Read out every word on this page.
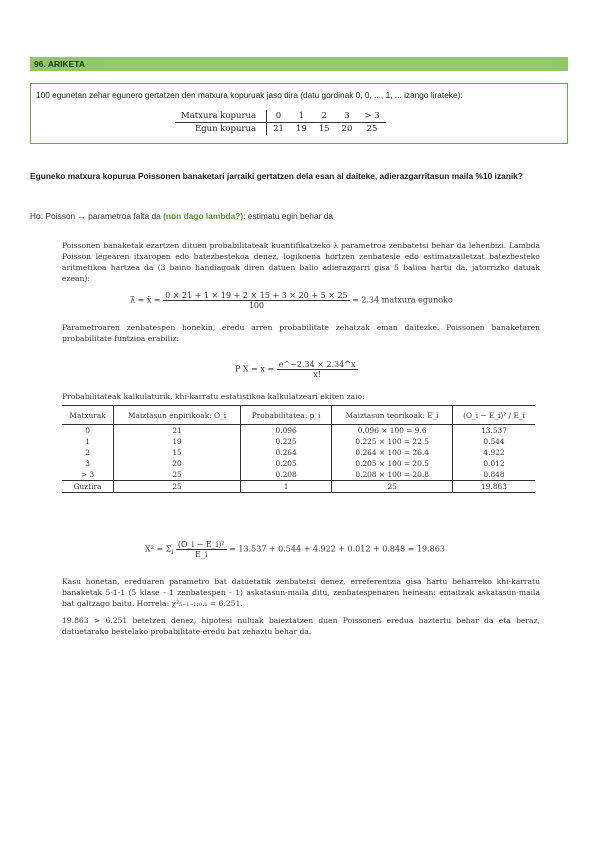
96. ARIKETA
100 egunetan zehar egunero gertatzen den matxura kopuruak jaso dira (datu gordinak 0, 0, ..., 1, ... izango lirateke):
Matxura kopurua	0	1	2	3	> 3
Egun kopurua	21	19	15	20	25
Eguneko matxura kopurua Poissonen banaketari jarraiki gertatzen dela esan al daiteke, adierazgarritasun maila %10 izanik?
Ho: Poisson → parametroa falta da (non dago lambda?): estimatu egin behar da
Poissonen banaketak ezartzen dituen probabilitateak kuantifikatzeko λ parametroa zenbatetsi behar da lehenbizi. Lambda Poisson legearen itxaropen edo batezbestekoa denez, logikoena hortzen zenbatesle edo estimatzailetzat batezbesteko aritmetikoa hartzea da (3 baino handiagoak diren datuen balio adierazgarri gisa 5 balioa hartu da, jatorrizko datuak ezean):
λ̂ = x̄ = $\frac{0 \times 21 + 1 \times 19 + 2 \times 15 + 3 \times 20 + 5 \times 25}{100} = 2.34$ matxura egunoko
Parametroaren zenbatespen honekin, eredu arren probabilitate zehatzak eman daitezke. Poissonen banaketaren probabilitate funtzioa erabiliz:
P $X = x = \frac{e\^{}-2.34 \times 2.34\^{}x}{x!}$
Probabilitateak kalkulaturik, khi-karratu estatistikoa kalkulatzeari ekiten zaio:
Matxurak	Maiztasun enpirikoak: O_i	Probabilitatea: p_i	Maiztasun teorikoak: E_i	(O_i − E_i)² / E_i
0	21	0.096	0.096 × 100 = 9.6	13.537
1	19	0.225	0.225 × 100 = 22.5	0.544
2	15	0.264	0.264 × 100 = 26.4	4.922
3	20	0.205	0.205 × 100 = 20.5	0.012
> 3	25	0.208	0.208 × 100 = 20.8	0.848
Guztira	25	1	25	19.863
$X^2 = \Sigma_i \frac{\text{(O\_i − E\_i)²}}{E\_i} = 13.537 + 0.544 + 4.922 + 0.012 + 0.848 = 19.863$
Kasu honetan, ereduaren parametro bat datuetatik zenbatetsi denez, erreferentzia gisa hartu beharreko khi-karratu banaketak 5-1-1 (5 klase - 1 zenbatespen - 1) askatasun-maila ditu, zenbatespenaren heinean: emaitzak askatasun-maila bat galtzago baitu. Horrela: χ²₅₋₁₋₁;₀.₁ = 6.251.
19.863 > 6.251 betetzen denez, hipotesi nuluak baieztatzen duen Poissonen eredua baztertu behar da eta beraz, datuetarako bestelako probabilitate-eredu bat zehaztu behar da.
